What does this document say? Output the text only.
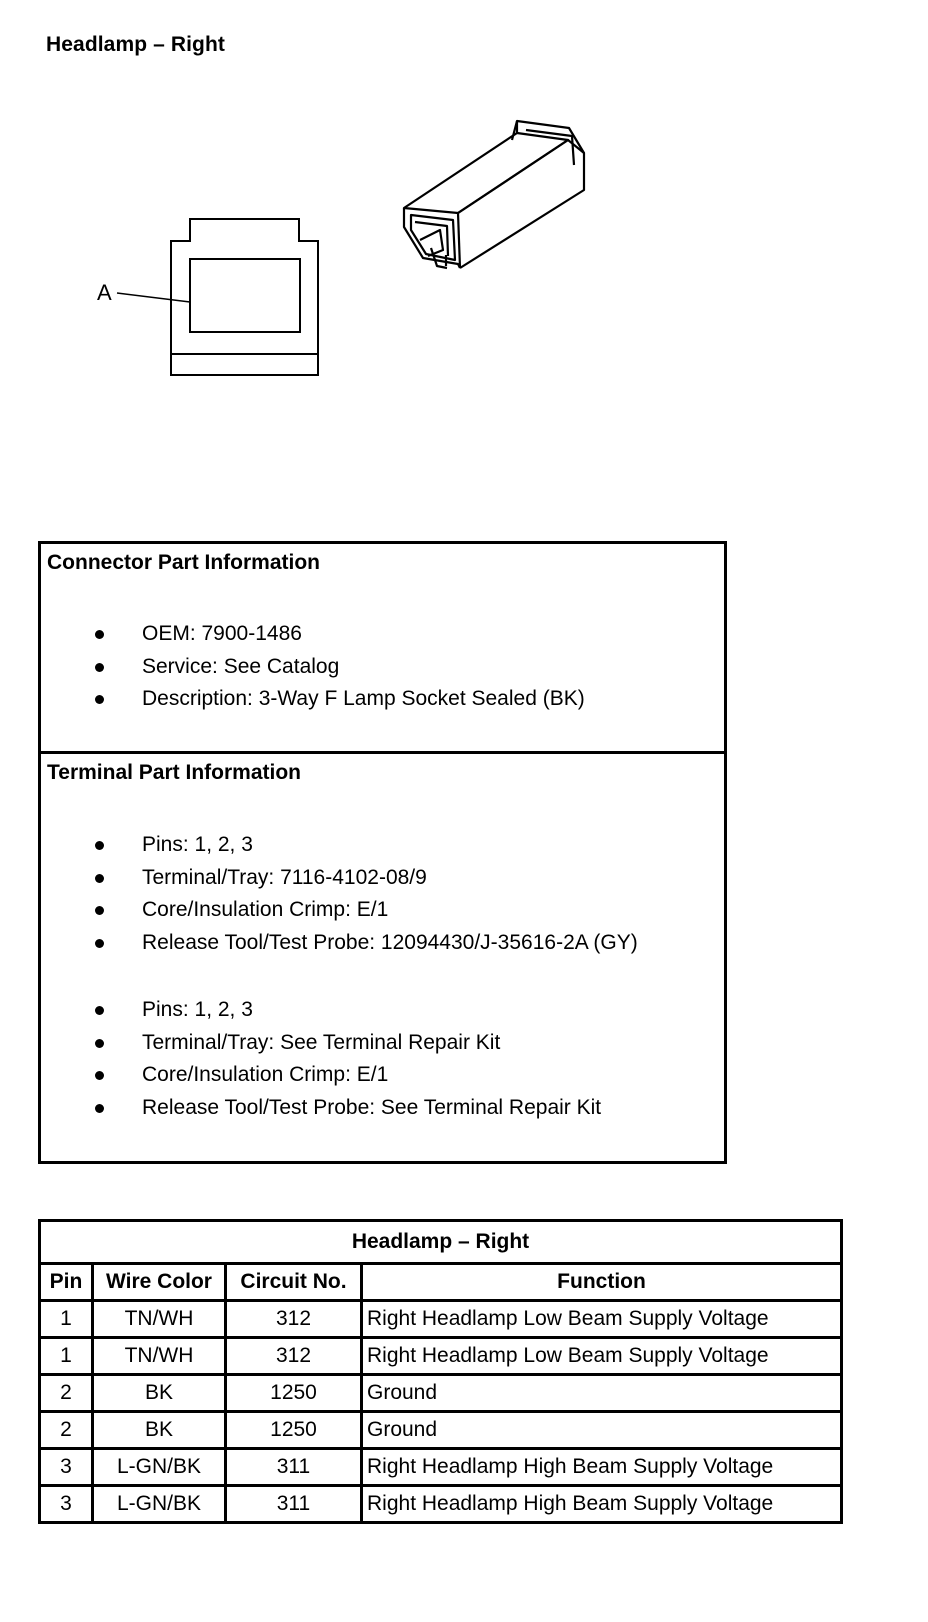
Headlamp – Right
A
Connector Part Information
OEM: 7900-1486
Service: See Catalog
Description: 3-Way F Lamp Socket Sealed (BK)
Terminal Part Information
Pins: 1, 2, 3
Terminal/Tray: 7116-4102-08/9
Core/Insulation Crimp: E/1
Release Tool/Test Probe: 12094430/J-35616-2A (GY)
Pins: 1, 2, 3
Terminal/Tray: See Terminal Repair Kit
Core/Insulation Crimp: E/1
Release Tool/Test Probe: See Terminal Repair Kit
Headlamp – Right			
Pin	Wire Color	Circuit No.	Function
1	TN/WH	312	Right Headlamp Low Beam Supply Voltage
1	TN/WH	312	Right Headlamp Low Beam Supply Voltage
2	BK	1250	Ground
2	BK	1250	Ground
3	L-GN/BK	311	Right Headlamp High Beam Supply Voltage
3	L-GN/BK	311	Right Headlamp High Beam Supply Voltage
